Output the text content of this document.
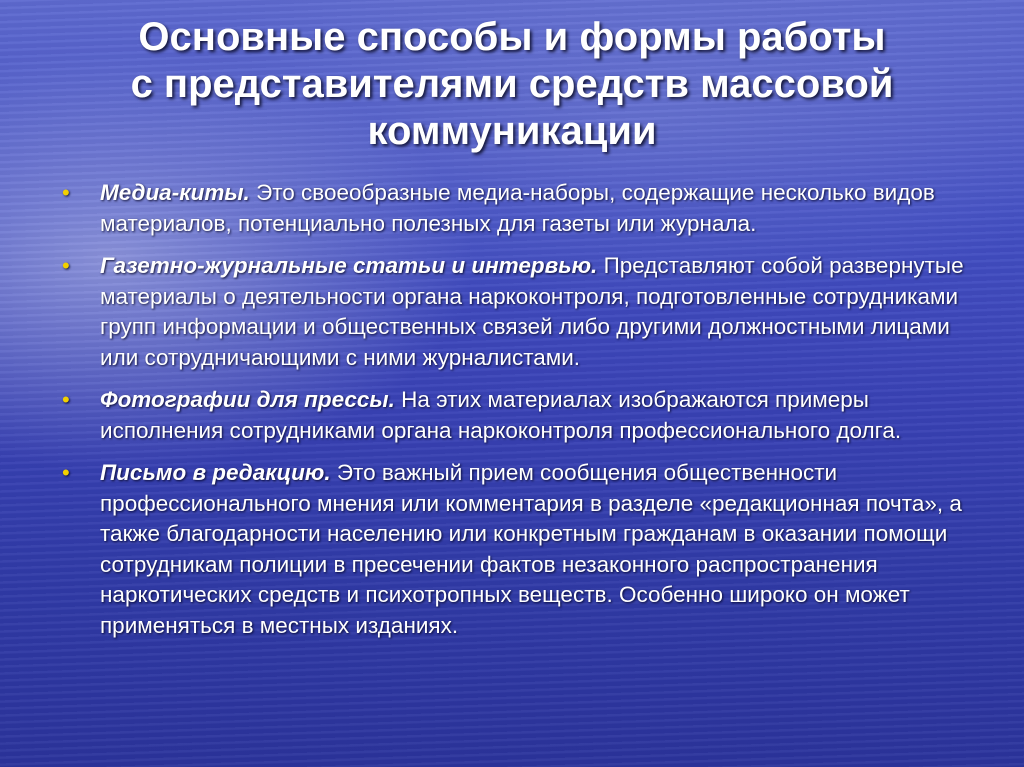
Основные способы и формы работы
с представителями средств массовой
коммуникации
• Медиа-киты. Это своеобразные медиа-наборы, содержащие несколько видов материалов, потенциально полезных для газеты или журнала.
• Газетно-журнальные статьи и интервью. Представляют собой развернутые материалы о деятельности органа наркоконтроля, подготовленные сотрудниками групп информации и общественных связей либо другими должностными лицами или сотрудничающими с ними журналистами.
• Фотографии для прессы. На этих материалах изображаются примеры исполнения сотрудниками органа наркоконтроля профессионального долга.
• Письмо в редакцию. Это важный прием сообщения общественности профессионального мнения или комментария в разделе «редакционная почта», а также благодарности населению или конкретным гражданам в оказании помощи сотрудникам полиции в пресечении фактов незаконного распространения наркотических средств и психотропных веществ. Особенно широко он может применяться в местных изданиях.
